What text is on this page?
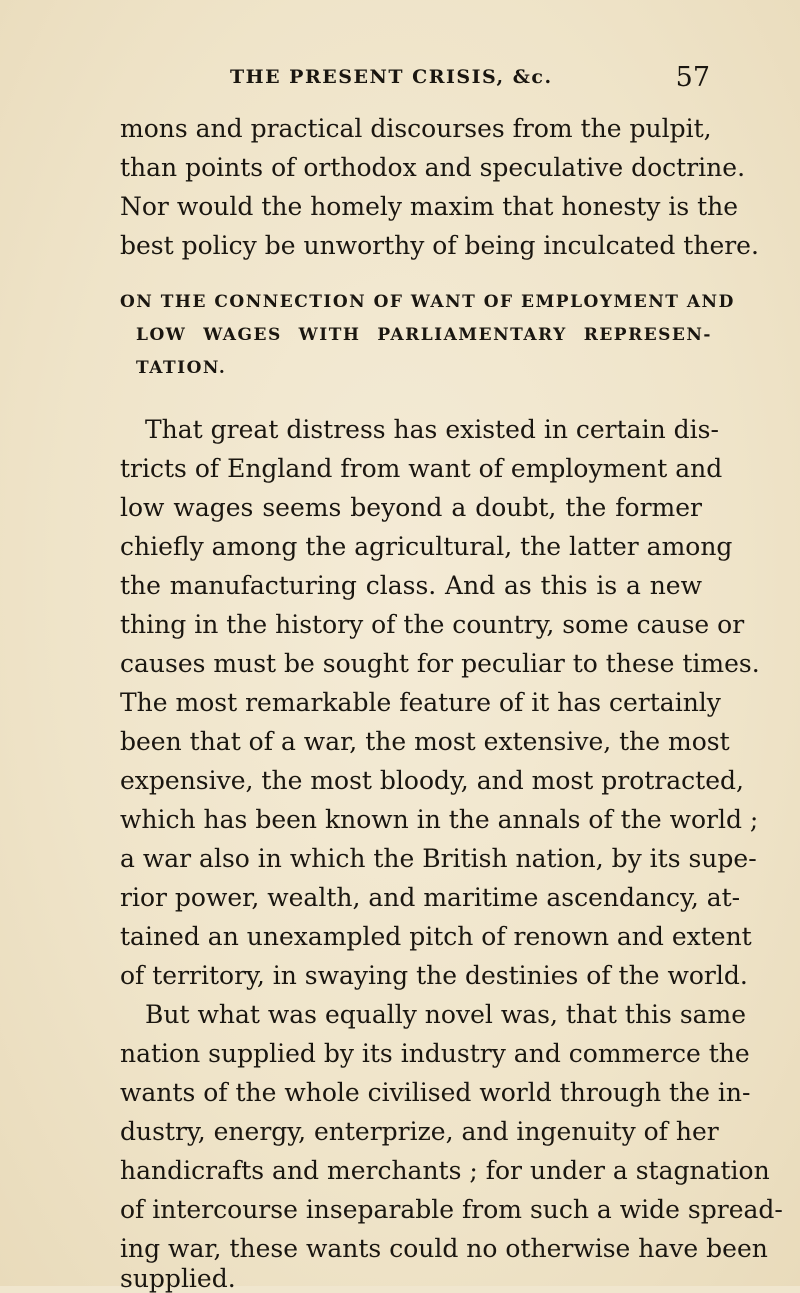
THE PRESENT CRISIS, &c.	57
mons and practical discourses from the pulpit,
than points of orthodox and speculative doctrine.
Nor would the homely maxim that honesty is the
best policy be unworthy of being inculcated there.
ON THE CONNECTION OF WANT OF EMPLOYMENT AND
LOW WAGES WITH PARLIAMENTARY REPRESEN-
TATION.
That great distress has existed in certain dis-
tricts of England from want of employment and
low wages seems beyond a doubt, the former
chiefly among the agricultural, the latter among
the manufacturing class. And as this is a new
thing in the history of the country, some cause or
causes must be sought for peculiar to these times.
The most remarkable feature of it has certainly
been that of a war, the most extensive, the most
expensive, the most bloody, and most protracted,
which has been known in the annals of the world ;
a war also in which the British nation, by its supe-
rior power, wealth, and maritime ascendancy, at-
tained an unexampled pitch of renown and extent
of territory, in swaying the destinies of the world.
But what was equally novel was, that this same
nation supplied by its industry and commerce the
wants of the whole civilised world through the in-
dustry, energy, enterprize, and ingenuity of her
handicrafts and merchants ; for under a stagnation
of intercourse inseparable from such a wide spread-
ing war, these wants could no otherwise have been
supplied.
